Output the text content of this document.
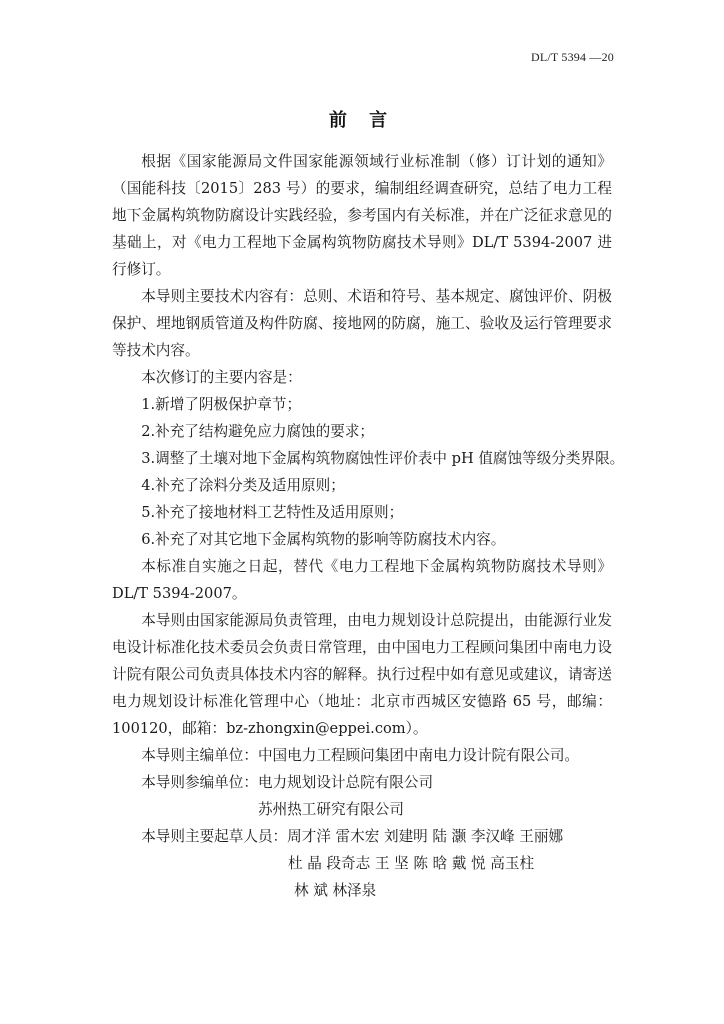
DL/T 5394 —20
前 言

根据《国家能源局文件国家能源领域行业标准制（修）订计划的通知》（国能科技〔2015〕283 号）的要求，编制组经调查研究，总结了电力工程地下金属构筑物防腐设计实践经验，参考国内有关标准，并在广泛征求意见的基础上，对《电力工程地下金属构筑物防腐技术导则》DL/T 5394-2007 进行修订。

本导则主要技术内容有：总则、术语和符号、基本规定、腐蚀评价、阴极保护、埋地钢质管道及构件防腐、接地网的防腐，施工、验收及运行管理要求等技术内容。

本次修订的主要内容是：

1.新增了阴极保护章节；

2.补充了结构避免应力腐蚀的要求；

3.调整了土壤对地下金属构筑物腐蚀性评价表中 pH 值腐蚀等级分类界限。

4.补充了涂料分类及适用原则；

5.补充了接地材料工艺特性及适用原则；

6.补充了对其它地下金属构筑物的影响等防腐技术内容。

本标准自实施之日起，替代《电力工程地下金属构筑物防腐技术导则》DL/T 5394-2007。

本导则由国家能源局负责管理，由电力规划设计总院提出，由能源行业发电设计标准化技术委员会负责日常管理，由中国电力工程顾问集团中南电力设计院有限公司负责具体技术内容的解释。执行过程中如有意见或建议，请寄送电力规划设计标准化管理中心（地址：北京市西城区安德路 65 号，邮编：100120，邮箱：bz-zhongxin@eppei.com）。

本导则主编单位：中国电力工程顾问集团中南电力设计院有限公司。

本导则参编单位：电力规划设计总院有限公司

苏州热工研究有限公司

本导则主要起草人员：周才洋 雷木宏 刘建明 陆 灏 李汉峰 王丽娜

杜 晶 段奇志 王 坚 陈 晗 戴 悦 高玉柱

林 斌 林泽泉
